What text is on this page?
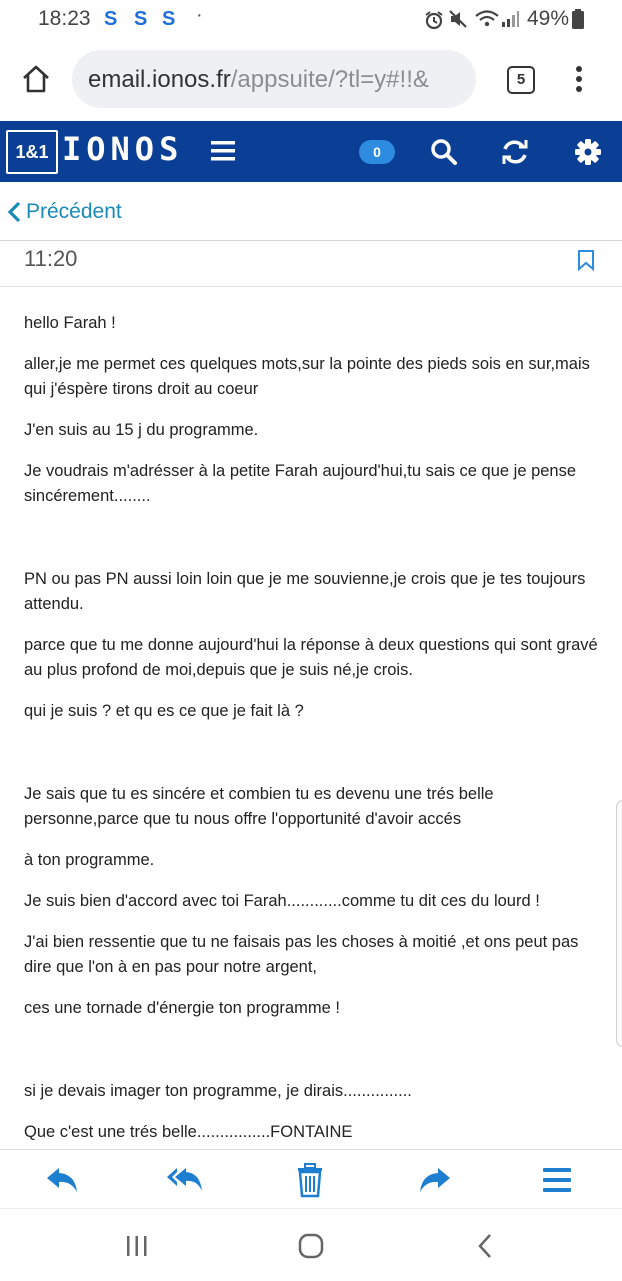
18:23 S S S ·	49%
email.ionos.fr/appsuite/?tl=y#!!&	5
1&1 IONOS	0
Précédent
11:20

hello Farah !

aller,je me permet ces quelques mots,sur la pointe des pieds sois en sur,mais qui j'éspère tirons droit au coeur

J'en suis au 15 j du programme.

Je voudrais m'adrésser à la petite Farah aujourd'hui,tu sais ce que je pense sincérement........

PN ou pas PN aussi loin loin que je me souvienne,je crois que je tes toujours attendu.

parce que tu me donne aujourd'hui la réponse à deux questions qui sont gravé au plus profond de moi,depuis que je suis né,je crois.

qui je suis ? et qu es ce que je fait là ?

Je sais que tu es sincére et combien tu es devenu une trés belle personne,parce que tu nous offre l'opportunité d'avoir accés

à ton programme.

Je suis bien d'accord avec toi Farah............comme tu dit ces du lourd !

J'ai bien ressentie que tu ne faisais pas les choses à moitié ,et ons peut pas dire que l'on à en pas pour notre argent,

ces une tornade d'énergie ton programme !

si je devais imager ton programme, je dirais...............

Que c'est une trés belle................FONTAINE
